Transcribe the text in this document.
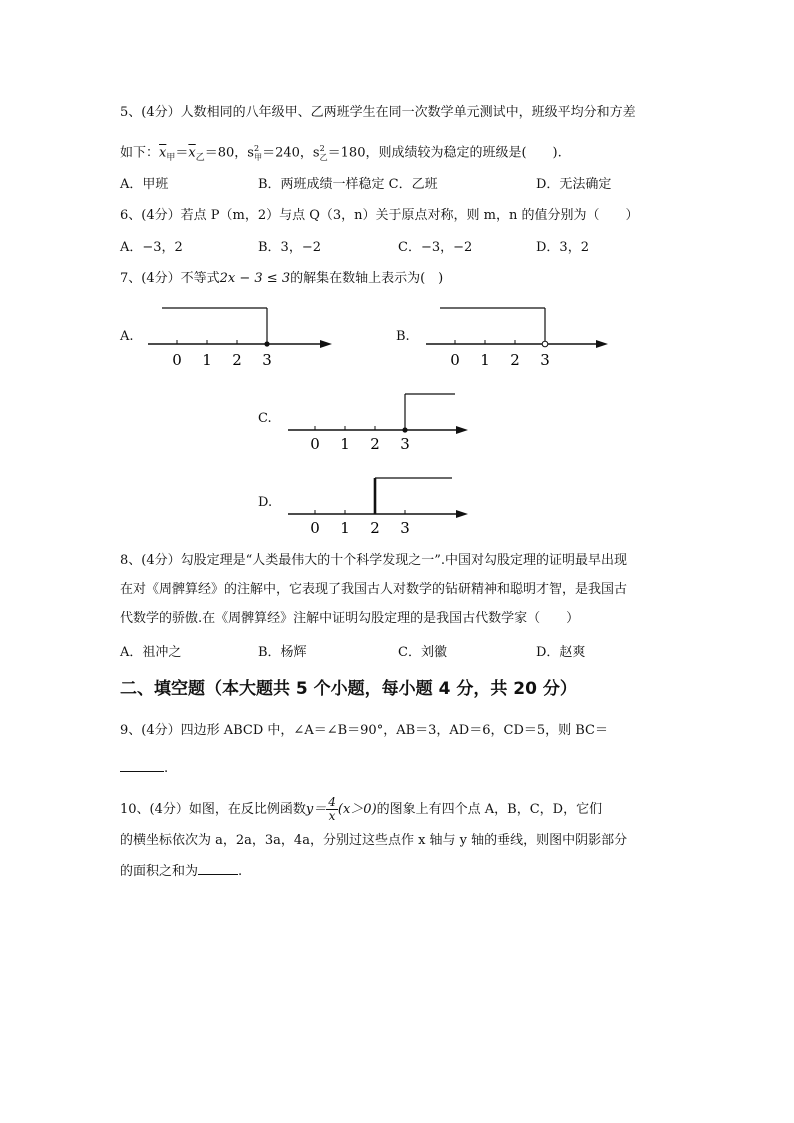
5、(4分）人数相同的八年级甲、乙两班学生在同一次数学单元测试中，班级平均分和方差
如下：$\overline{x}_甲=\overline{x}_乙=80$，$s^2_甲=240$，$s^2_乙=180$，则成绩较为稳定的班级是(　　).
A．甲班	B．两班成绩一样稳定 C．乙班	D．无法确定
6、(4分）若点 P（m，2）与点 Q（3，n）关于原点对称，则 m，n 的值分别为（　　）
A．−3，2	B．3，−2	C．−3，−2	D．3，2
7、(4分）不等式2x − 3 ≤ 3的解集在数轴上表示为(　)
A.
0 1 2 3
B.
0 1 2 3
C.
0 1 2 3
D.
0 1 2 3
8、(4分）勾股定理是“人类最伟大的十个科学发现之一”.中国对勾股定理的证明最早出现
在对《周髀算经》的注解中，它表现了我国古人对数学的钻研精神和聪明才智，是我国古
代数学的骄傲.在《周髀算经》注解中证明勾股定理的是我国古代数学家（　　）
A．祖冲之	B．杨辉	C．刘徽	D．赵爽
二、填空题（本大题共 5 个小题，每小题 4 分，共 20 分）
9、(4分）四边形 ABCD 中，∠A＝∠B＝90°，AB＝3，AD＝6，CD＝5，则 BC＝
.
10、(4分）如图，在反比例函数$y= \frac{4}{x} (x>0)$的图象上有四个点 A，B，C，D，它们
的横坐标依次为 a，2a，3a，4a，分别过这些点作 x 轴与 y 轴的垂线，则图中阴影部分
的面积之和为	.
